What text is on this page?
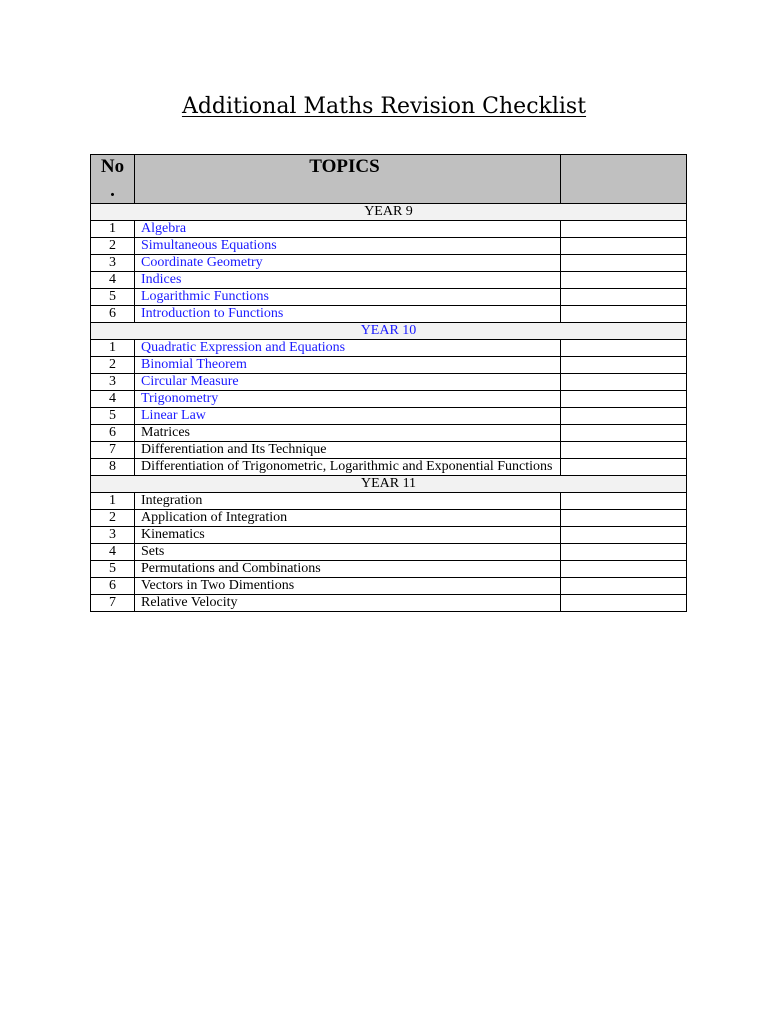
Additional Maths Revision Checklist
No
.	TOPICS	
YEAR 9		
1	Algebra	
2	Simultaneous Equations	
3	Coordinate Geometry	
4	Indices	
5	Logarithmic Functions	
6	Introduction to Functions	
YEAR 10		
1	Quadratic Expression and Equations	
2	Binomial Theorem	
3	Circular Measure	
4	Trigonometry	
5	Linear Law	
6	Matrices	
7	Differentiation and Its Technique	
8	Differentiation of Trigonometric, Logarithmic and Exponential Functions	
YEAR 11		
1	Integration	
2	Application of Integration	
3	Kinematics	
4	Sets	
5	Permutations and Combinations	
6	Vectors in Two Dimentions	
7	Relative Velocity	
